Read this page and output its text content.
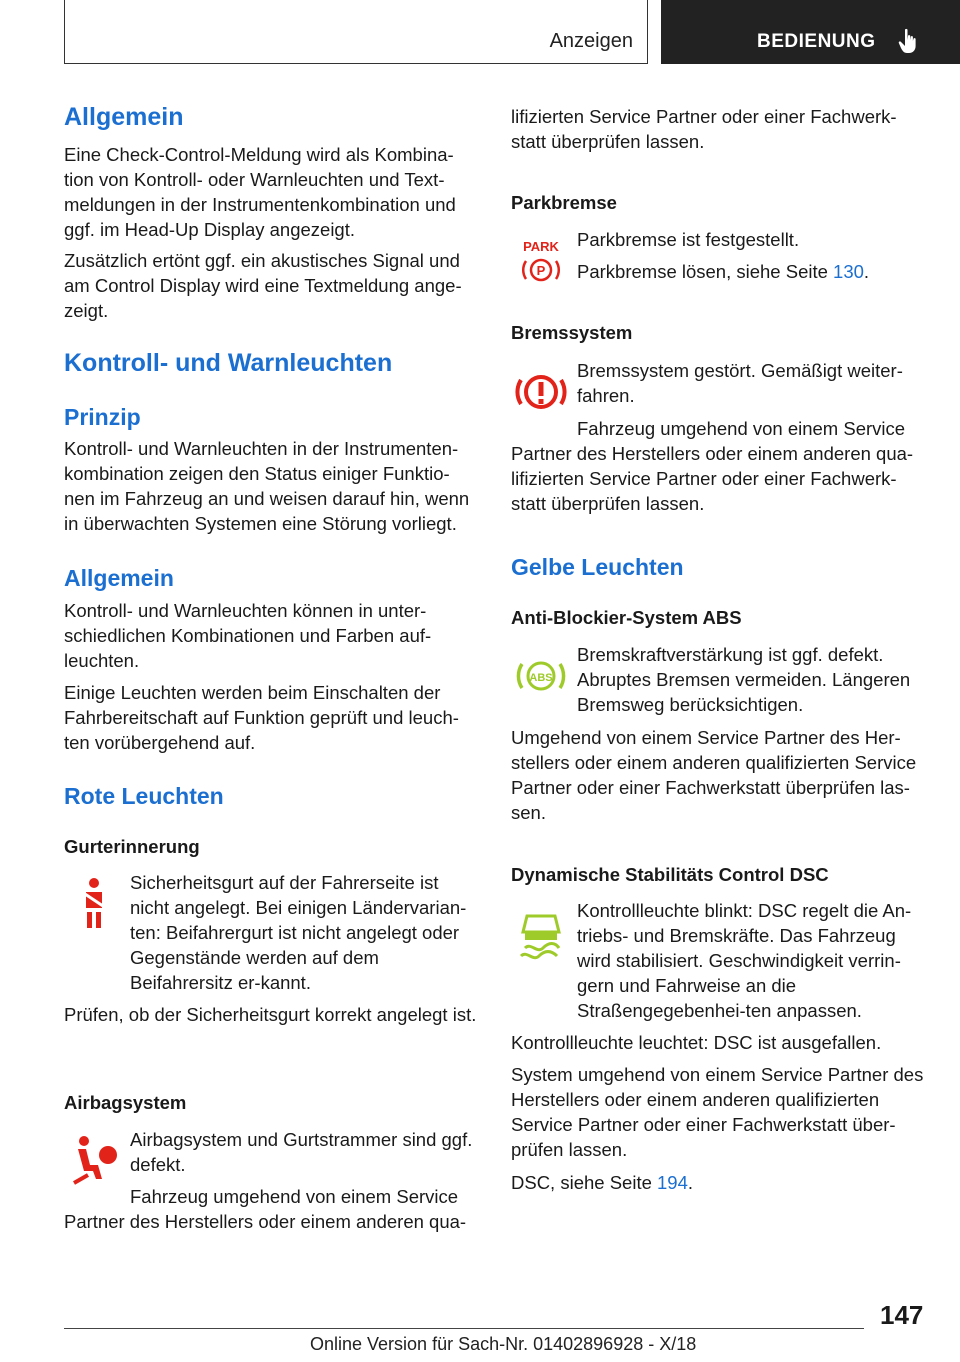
Anzeigen	BEDIENUNG
Allgemein

Eine Check-Control-Meldung wird als Kombina-tion von Kontroll- oder Warnleuchten und Text-meldungen in der Instrumentenkombination und ggf. im Head-Up Display angezeigt.

Zusätzlich ertönt ggf. ein akustisches Signal und am Control Display wird eine Textmeldung ange-zeigt.

Kontroll- und Warnleuchten
Prinzip

Kontroll- und Warnleuchten in der Instrumenten-kombination zeigen den Status einiger Funktio-nen im Fahrzeug an und weisen darauf hin, wenn in überwachten Systemen eine Störung vorliegt.

Allgemein

Kontroll- und Warnleuchten können in unter-schiedlichen Kombinationen und Farben auf-leuchten.

Einige Leuchten werden beim Einschalten der Fahrbereitschaft auf Funktion geprüft und leuch-ten vorübergehend auf.

Rote Leuchten
Gurterinnerung

Sicherheitsgurt auf der Fahrerseite ist nicht angelegt. Bei einigen Ländervarian-ten: Beifahrergurt ist nicht angelegt oder Gegenstände werden auf dem Beifahrersitz er-kannt.

Prüfen, ob der Sicherheitsgurt korrekt angelegt ist.

Airbagsystem

Airbagsystem und Gurtstrammer sind ggf. defekt.

Fahrzeug umgehend von einem Service Partner des Herstellers oder einem anderen qua-

lifizierten Service Partner oder einer Fachwerk-statt überprüfen lassen.

Parkbremse
PARK
P

Parkbremse ist festgestellt.

Parkbremse lösen, siehe Seite 130.

Bremssystem

Bremssystem gestört. Gemäßigt weiter-fahren.

Fahrzeug umgehend von einem Service Partner des Herstellers oder einem anderen qua-lifizierten Service Partner oder einer Fachwerk-statt überprüfen lassen.

Gelbe Leuchten
Anti-Blockier-System ABS
ABS

Bremskraftverstärkung ist ggf. defekt. Abruptes Bremsen vermeiden. Längeren Bremsweg berücksichtigen.

Umgehend von einem Service Partner des Her-stellers oder einem anderen qualifizierten Service Partner oder einer Fachwerkstatt überprüfen las-sen.

Dynamische Stabilitäts Control DSC

Kontrollleuchte blinkt: DSC regelt die An-triebs- und Bremskräfte. Das Fahrzeug wird stabilisiert. Geschwindigkeit verrin-gern und Fahrweise an die Straßengegebenhei-ten anpassen.

Kontrollleuchte leuchtet: DSC ist ausgefallen.

System umgehend von einem Service Partner des Herstellers oder einem anderen qualifizierten Service Partner oder einer Fachwerkstatt über-prüfen lassen.

DSC, siehe Seite 194.

147
Online Version für Sach-Nr. 01402896928 - X/18
